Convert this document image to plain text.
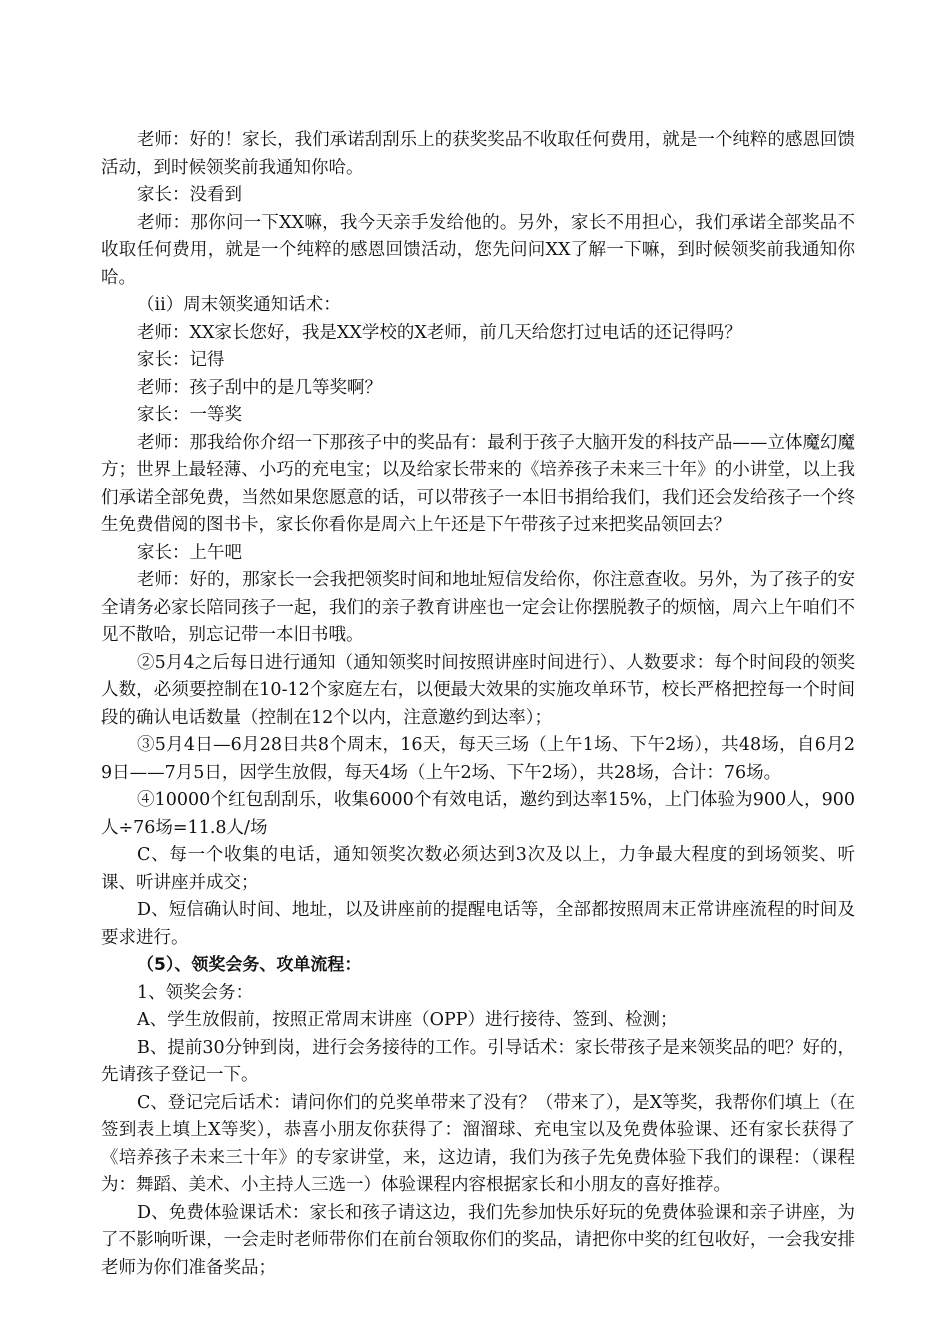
老师：好的！家长，我们承诺刮刮乐上的获奖奖品不收取任何费用，就是一个纯粹的感恩回馈活动，到时候领奖前我通知你哈。

家长：没看到

老师：那你问一下XX嘛，我今天亲手发给他的。另外，家长不用担心，我们承诺全部奖品不收取任何费用，就是一个纯粹的感恩回馈活动，您先问问XX了解一下嘛，到时候领奖前我通知你哈。

（ii）周末领奖通知话术：

老师：XX家长您好，我是XX学校的X老师，前几天给您打过电话的还记得吗？

家长：记得

老师：孩子刮中的是几等奖啊？

家长：一等奖

老师：那我给你介绍一下那孩子中的奖品有：最利于孩子大脑开发的科技产品——立体魔幻魔方；世界上最轻薄、小巧的充电宝；以及给家长带来的《培养孩子未来三十年》的小讲堂，以上我们承诺全部免费，当然如果您愿意的话，可以带孩子一本旧书捐给我们，我们还会发给孩子一个终生免费借阅的图书卡，家长你看你是周六上午还是下午带孩子过来把奖品领回去？

家长：上午吧

老师：好的，那家长一会我把领奖时间和地址短信发给你，你注意查收。另外，为了孩子的安全请务必家长陪同孩子一起，我们的亲子教育讲座也一定会让你摆脱教子的烦恼，周六上午咱们不见不散哈，别忘记带一本旧书哦。

②5月4之后每日进行通知（通知领奖时间按照讲座时间进行）、人数要求：每个时间段的领奖人数，必须要控制在10-12个家庭左右，以便最大效果的实施攻单环节，校长严格把控每一个时间段的确认电话数量（控制在12个以内，注意邀约到达率）；

③5月4日—6月28日共8个周末，16天，每天三场（上午1场、下午2场），共48场，自6月29日——7月5日，因学生放假，每天4场（上午2场、下午2场），共28场，合计：76场。

④10000个红包刮刮乐，收集6000个有效电话，邀约到达率15%，上门体验为900人，900人÷76场=11.8人/场

C、每一个收集的电话，通知领奖次数必须达到3次及以上，力争最大程度的到场领奖、听课、听讲座并成交；

D、短信确认时间、地址，以及讲座前的提醒电话等，全部都按照周末正常讲座流程的时间及要求进行。

（5）、领奖会务、攻单流程：

1、领奖会务：

A、学生放假前，按照正常周末讲座（OPP）进行接待、签到、检测；

B、提前30分钟到岗，进行会务接待的工作。引导话术：家长带孩子是来领奖品的吧？好的，先请孩子登记一下。

C、登记完后话术：请问你们的兑奖单带来了没有？（带来了），是X等奖，我帮你们填上（在签到表上填上X等奖），恭喜小朋友你获得了：溜溜球、充电宝以及免费体验课、还有家长获得了《培养孩子未来三十年》的专家讲堂，来，这边请，我们为孩子先免费体验下我们的课程：（课程为：舞蹈、美术、小主持人三选一）体验课程内容根据家长和小朋友的喜好推荐。

D、免费体验课话术：家长和孩子请这边，我们先参加快乐好玩的免费体验课和亲子讲座，为了不影响听课，一会走时老师带你们在前台领取你们的奖品，请把你中奖的红包收好，一会我安排老师为你们准备奖品；
